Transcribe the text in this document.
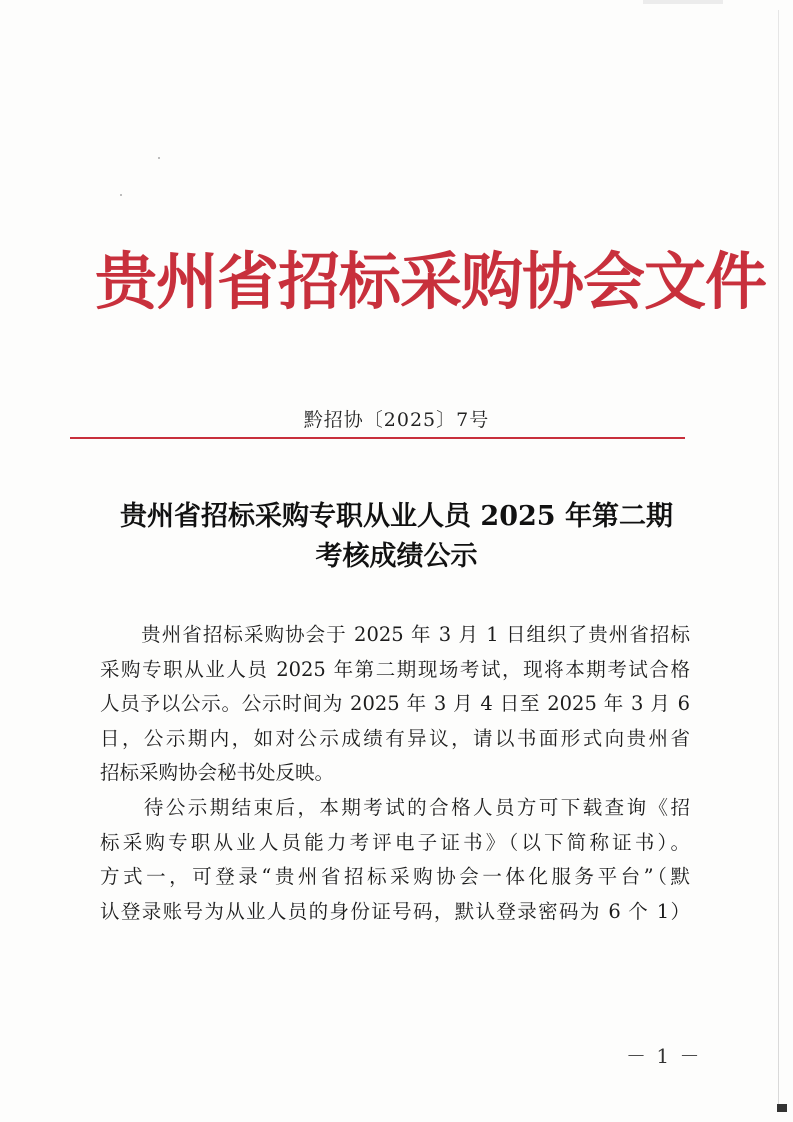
贵州省招标采购协会文件
黔招协〔2025〕7号
贵州省招标采购专职从业人员 2025 年第二期
考核成绩公示
　　贵州省招标采购协会于 2025 年 3 月 1 日组织了贵州省招标
采购专职从业人员 2025 年第二期现场考试，现将本期考试合格
人员予以公示。公示时间为 2025 年 3 月 4 日至 2025 年 3 月 6
日，公示期内，如对公示成绩有异议，请以书面形式向贵州省
招标采购协会秘书处反映。
　　待公示期结束后，本期考试的合格人员方可下载查询《招
标采购专职从业人员能力考评电子证书》（以下简称证书）。
方式一，可登录“贵州省招标采购协会一体化服务平台”（默
认登录账号为从业人员的身份证号码，默认登录密码为 6 个 1）
－ 1 －
